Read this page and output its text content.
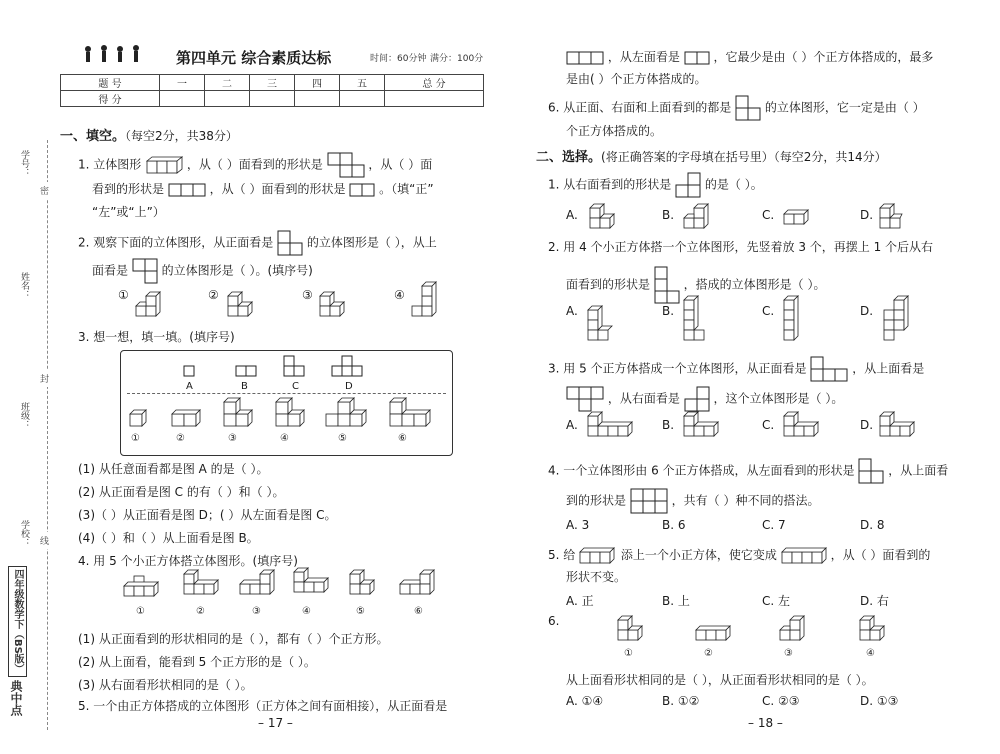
学号：
姓名：
班级：
学校：
密
封
线
四年级数学下（BS版）
典中点
第四单元 综合素质达标	时间：60分钟 满分：100分
题 号	一	二	三	四	五	总 分
得 分						
一、填空。（每空2分，共38分）
1. 立体图形	，从（ ）面看到的形状是	，从（ ）面
看到的形状是	，从（ ）面看到的形状是	。（填“正”
“左”或“上”）
2. 观察下面的立体图形，从正面看是	的立体图形是（ ），从上
面看是	的立体图形是（ ）。(填序号)
①	②	③	④
3. 想一想，填一填。(填序号)
A	B	C	D
①	②	③	④	⑤	⑥
(1) 从任意面看都是图 A 的是（ ）。
(2) 从正面看是图 C 的有（ ）和（ ）。
(3)（ ）从正面看是图 D；( ）从左面看是图 C。
(4)（ ）和（ ）从上面看是图 B。
4. 用 5 个小正方体搭立体图形。(填序号)
①	②	③	④	⑤	⑥
(1) 从正面看到的形状相同的是（ ），都有（ ）个正方形。
(2) 从上面看，能看到 5 个正方形的是（ ）。
(3) 从右面看形状相同的是（ ）。
5. 一个由正方体搭成的立体图形（正方体之间有面相接），从正面看是
– 17 –
，从左面看是	，它最少是由（ ）个正方体搭成的，最多
是由( ）个正方体搭成的。
6. 从正面、右面和上面看到的都是	的立体图形，它一定是由（ ）
个正方体搭成的。
二、选择。(将正确答案的字母填在括号里）（每空2分，共14分）
1. 从右面看到的形状是	的是（ ）。
A.	B.	C.	D.
2. 用 4 个小正方体搭一个立体图形，先竖着放 3 个，再摆上 1 个后从右
面看到的形状是	，搭成的立体图形是（ ）。
A.	B.	C.	D.
3. 用 5 个正方体搭成一个立体图形，从正面看是	，从上面看是
，从右面看是	，这个立体图形是（ ）。
A.	B.	C.	D.
4. 一个立体图形由 6 个正方体搭成，从左面看到的形状是	，从上面看
到的形状是	，共有（ ）种不同的搭法。
A. 3	B. 6	C. 7	D. 8
5. 给	添上一个小正方体，使它变成	，从（ ）面看到的
形状不变。
A. 正	B. 上	C. 左	D. 右
6.
①	②	③	④
从上面看形状相同的是（ ），从正面看形状相同的是（ ）。
A. ①④	B. ①②	C. ②③	D. ①③
– 18 –
